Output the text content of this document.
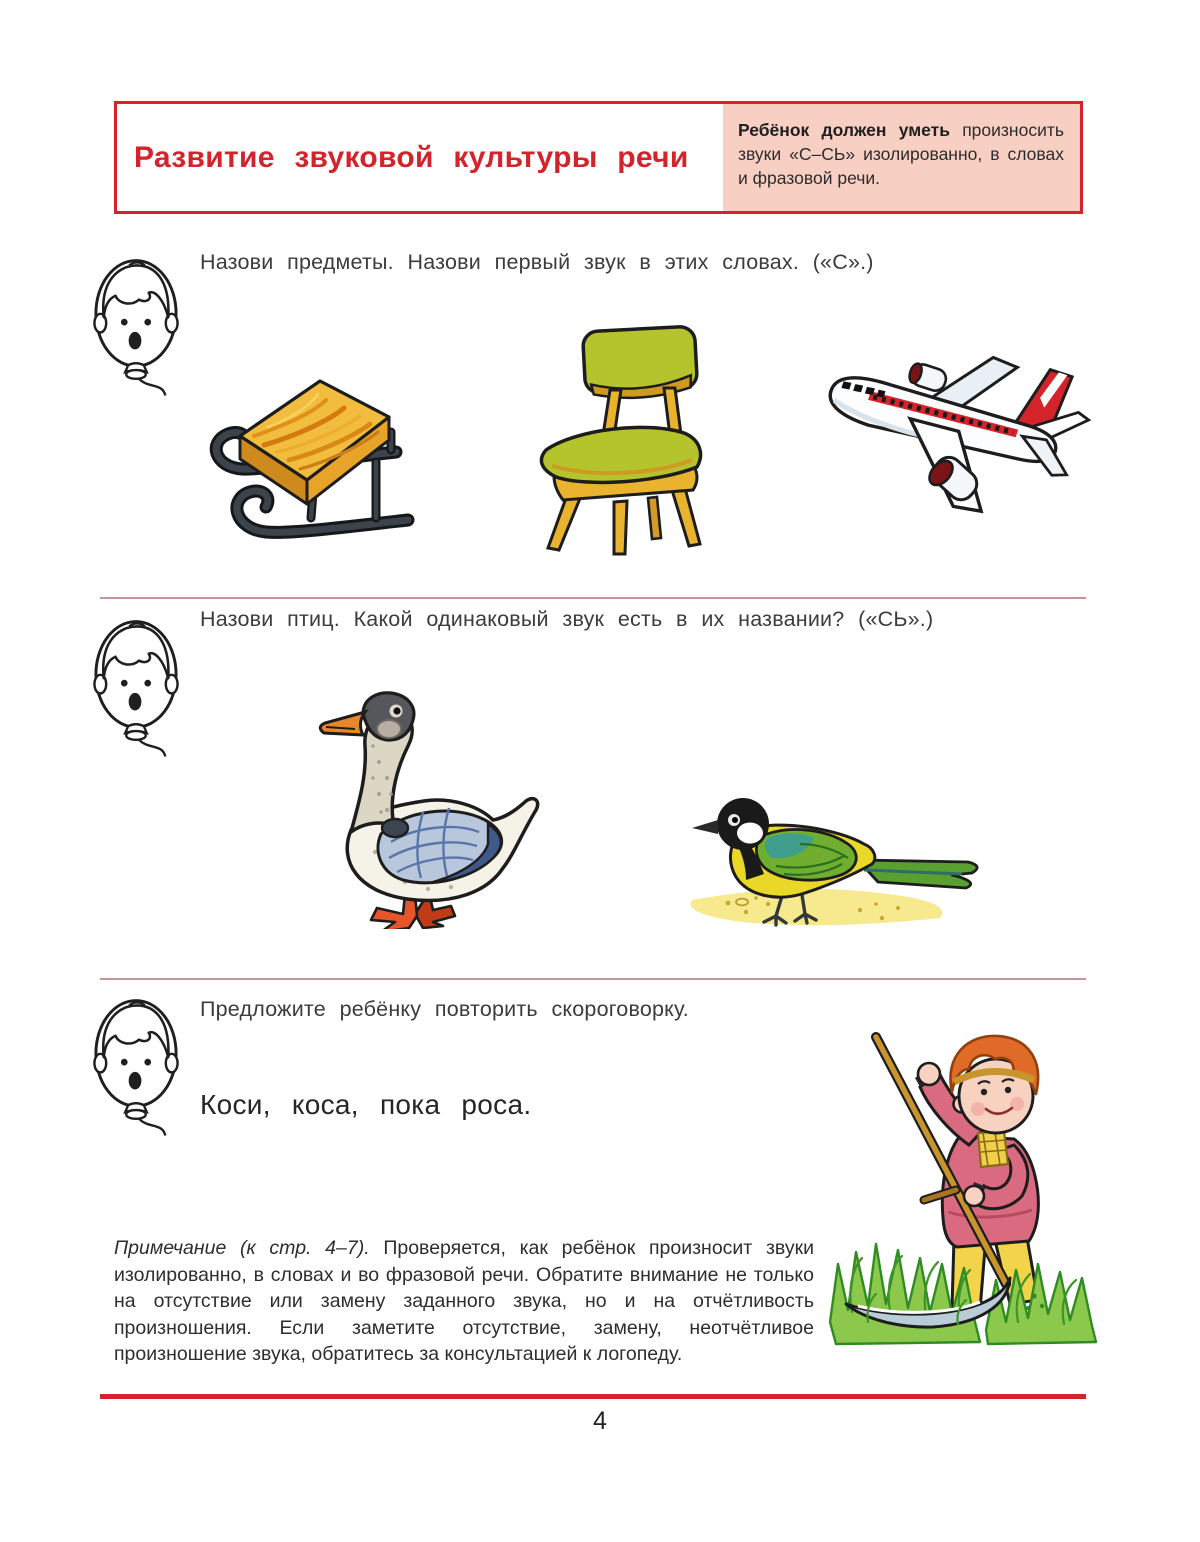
Развитие звуковой культуры речи
Ребёнок должен уметь произносить звуки «С–СЬ» изолированно, в словах и фразовой речи.
Назови предметы. Назови первый звук в этих словах. («С».)
Назови птиц. Какой одинаковый звук есть в их названии? («СЬ».)
Предложите ребёнку повторить скороговорку.
Коси, коса, пока роса.
Примечание (к стр. 4–7). Проверяется, как ребёнок произносит звуки изолированно, в словах и во фразовой речи. Обратите внимание не только на отсутствие или замену заданного звука, но и на отчётливость произношения. Если заметите отсутствие, замену, неотчётливое произношение звука, обратитесь за консультацией к логопеду.
4
